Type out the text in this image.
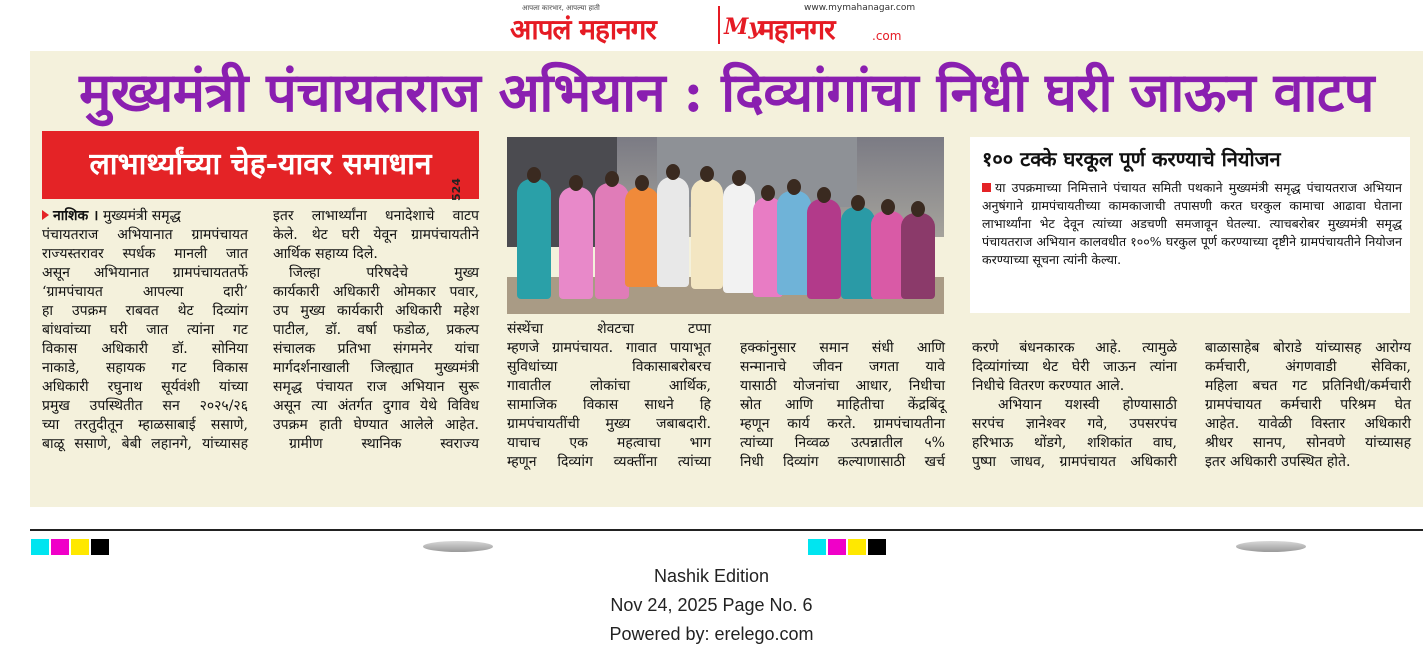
आपला कारभार, आपल्या हाती
आपलं महानगर
www.mymahanagar.com
My
महानगर	.com
मुख्यमंत्री पंचायतराज अभियान : दिव्यांगांचा निधी घरी जाऊन वाटप
लाभार्थ्यांच्या चेह-यावर समाधान
524
१०० टक्के घरकूल पूर्ण करण्याचे नियोजन
या उपक्रमाच्या निमित्ताने पंचायत समिती पथकाने मुख्यमंत्री समृद्ध पंचायतराज अभियान अनुषंगाने ग्रामपंचायतीच्या कामकाजाची तपासणी करत घरकुल कामाचा आढावा घेताना लाभार्थ्यांना भेट देवून त्यांच्या अडचणी समजावून घेतल्या. त्याचबरोबर मुख्यमंत्री समृद्ध पंचायतराज अभियान कालवधीत १००% घरकुल पूर्ण करण्याच्या दृष्टीने ग्रामपंचायतीने नियोजन करण्याच्या सूचना त्यांनी केल्या.
नाशिक । मुख्यमंत्री समृद्ध
पंचायतराज अभियानात ग्रामपंचायत
राज्यस्तरावर स्पर्धक मानली जात
असून अभियानात ग्रामपंचायततर्फे
‘ग्रामपंचायत आपल्या दारी’
हा उपक्रम राबवत थेट दिव्यांग
बांधवांच्या घरी जात त्यांना गट
विकास अधिकारी डॉ. सोनिया
नाकाडे, सहायक गट विकास
अधिकारी रघुनाथ सूर्यवंशी यांच्या
प्रमुख उपस्थितीत सन २०२५/२६
च्या तरतुदीतून म्हाळसाबाई ससाणे,
बाळू ससाणे, बेबी लहानगे, यांच्यासह
इतर लाभार्थ्यांना धनादेशाचे वाटप
केले. थेट घरी येवून ग्रामपंचायतीने
आर्थिक सहाय्य दिले.
जिल्हा परिषदेचे मुख्य
कार्यकारी अधिकारी ओमकार पवार,
उप मुख्य कार्यकारी अधिकारी महेश
पाटील, डॉ. वर्षा फडोळ, प्रकल्प
संचालक प्रतिभा संगमनेर यांचा
मार्गदर्शनाखाली जिल्ह्यात मुख्यमंत्री
समृद्ध पंचायत राज अभियान सुरू
असून त्या अंतर्गत दुगाव येथे विविध
उपक्रम हाती घेण्यात आलेले आहेत.
ग्रामीण स्थानिक स्वराज्य
संस्थेंचा शेवटचा टप्पा
म्हणजे ग्रामपंचायत. गावात पायाभूत
सुविधांच्या विकासाबरोबरच
गावातील लोकांचा आर्थिक,
सामाजिक विकास साधने हि
ग्रामपंचायतींची मुख्य जबाबदारी.
याचाच एक महत्वाचा भाग
म्हणून दिव्यांग व्यक्तींना त्यांच्या
हक्कांनुसार समान संधी आणि
सन्मानाचे जीवन जगता यावे
यासाठी योजनांचा आधार, निधीचा
स्रोत आणि माहितीचा केंद्रबिंदू
म्हणून कार्य करते. ग्रामपंचायतीना
त्यांच्या निव्वळ उत्पन्नातील ५%
निधी दिव्यांग कल्याणासाठी खर्च
करणे बंधनकारक आहे. त्यामुळे
दिव्यांगांच्या थेट घेरी जाऊन त्यांना
निधीचे वितरण करण्यात आले.
अभियान यशस्वी होण्यासाठी
सरपंच ज्ञानेश्वर गवे, उपसरपंच
हरिभाऊ थोंडगे, शशिकांत वाघ,
पुष्पा जाधव, ग्रामपंचायत अधिकारी
बाळासाहेब बोराडे यांच्यासह आरोग्य
कर्मचारी, अंगणवाडी सेविका,
महिला बचत गट प्रतिनिधी/कर्मचारी
ग्रामपंचायत कर्मचारी परिश्रम घेत
आहेत. यावेळी विस्तार अधिकारी
श्रीधर सानप, सोनवणे यांच्यासह
इतर अधिकारी उपस्थित होते.
Nashik Edition
Nov 24, 2025 Page No. 6
Powered by: erelego.com
